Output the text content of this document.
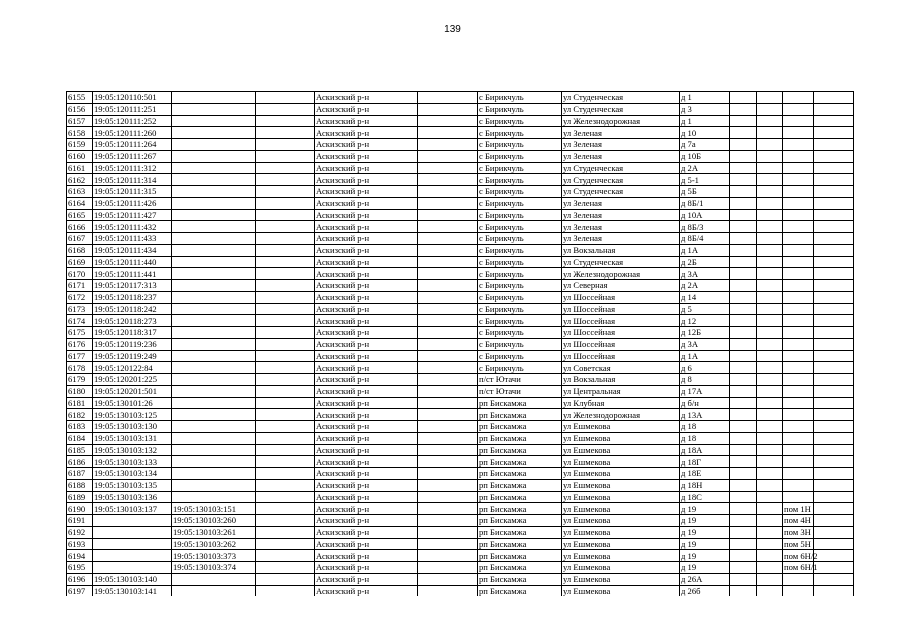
139
6155	19:05:120110:501			Аскизский р-н		с Бирикчуль	ул Студенческая	д 1				
6156	19:05:120111:251			Аскизский р-н		с Бирикчуль	ул Студенческая	д 3				
6157	19:05:120111:252			Аскизский р-н		с Бирикчуль	ул Железнодорожная	д 1				
6158	19:05:120111:260			Аскизский р-н		с Бирикчуль	ул Зеленая	д 10				
6159	19:05:120111:264			Аскизский р-н		с Бирикчуль	ул Зеленая	д 7а				
6160	19:05:120111:267			Аскизский р-н		с Бирикчуль	ул Зеленая	д 10Б				
6161	19:05:120111:312			Аскизский р-н		с Бирикчуль	ул Студенческая	д 2А				
6162	19:05:120111:314			Аскизский р-н		с Бирикчуль	ул Студенческая	д 5-1				
6163	19:05:120111:315			Аскизский р-н		с Бирикчуль	ул Студенческая	д 5Б				
6164	19:05:120111:426			Аскизский р-н		с Бирикчуль	ул Зеленая	д 8Б/1				
6165	19:05:120111:427			Аскизский р-н		с Бирикчуль	ул Зеленая	д 10А				
6166	19:05:120111:432			Аскизский р-н		с Бирикчуль	ул Зеленая	д 8Б/3				
6167	19:05:120111:433			Аскизский р-н		с Бирикчуль	ул Зеленая	д 8Б/4				
6168	19:05:120111:434			Аскизский р-н		с Бирикчуль	ул Вокзальная	д 1А				
6169	19:05:120111:440			Аскизский р-н		с Бирикчуль	ул Студенческая	д 2Б				
6170	19:05:120111:441			Аскизский р-н		с Бирикчуль	ул Железнодорожная	д 3А				
6171	19:05:120117:313			Аскизский р-н		с Бирикчуль	ул Северная	д 2А				
6172	19:05:120118:237			Аскизский р-н		с Бирикчуль	ул Шоссейная	д 14				
6173	19:05:120118:242			Аскизский р-н		с Бирикчуль	ул Шоссейная	д 5				
6174	19:05:120118:273			Аскизский р-н		с Бирикчуль	ул Шоссейная	д 12				
6175	19:05:120118:317			Аскизский р-н		с Бирикчуль	ул Шоссейная	д 12Б				
6176	19:05:120119:236			Аскизский р-н		с Бирикчуль	ул Шоссейная	д 3А				
6177	19:05:120119:249			Аскизский р-н		с Бирикчуль	ул Шоссейная	д 1А				
6178	19:05:120122:84			Аскизский р-н		с Бирикчуль	ул Советская	д 6				
6179	19:05:120201:225			Аскизский р-н		п/ст Ютачи	ул Вокзальная	д 8				
6180	19:05:120201:501			Аскизский р-н		п/ст Ютачи	ул Центральная	д 17А				
6181	19:05:130101:26			Аскизский р-н		рп Бискамжа	ул Клубная	д б/н				
6182	19:05:130103:125			Аскизский р-н		рп Бискамжа	ул Железнодорожная	д 13А				
6183	19:05:130103:130			Аскизский р-н		рп Бискамжа	ул Ешмекова	д 18				
6184	19:05:130103:131			Аскизский р-н		рп Бискамжа	ул Ешмекова	д 18				
6185	19:05:130103:132			Аскизский р-н		рп Бискамжа	ул Ешмекова	д 18А				
6186	19:05:130103:133			Аскизский р-н		рп Бискамжа	ул Ешмекова	д 18Г				
6187	19:05:130103:134			Аскизский р-н		рп Бискамжа	ул Ешмекова	д 18Е				
6188	19:05:130103:135			Аскизский р-н		рп Бискамжа	ул Ешмекова	д 18Н				
6189	19:05:130103:136			Аскизский р-н		рп Бискамжа	ул Ешмекова	д 18С				
6190	19:05:130103:137	19:05:130103:151		Аскизский р-н		рп Бискамжа	ул Ешмекова	д 19			пом 1Н	
6191		19:05:130103:260		Аскизский р-н		рп Бискамжа	ул Ешмекова	д 19			пом 4Н	
6192		19:05:130103:261		Аскизский р-н		рп Бискамжа	ул Ешмекова	д 19			пом 3Н	
6193		19:05:130103:262		Аскизский р-н		рп Бискамжа	ул Ешмекова	д 19			пом 5Н	
6194		19:05:130103:373		Аскизский р-н		рп Бискамжа	ул Ешмекова	д 19			пом 6Н/2	
6195		19:05:130103:374		Аскизский р-н		рп Бискамжа	ул Ешмекова	д 19			пом 6Н/1	
6196	19:05:130103:140			Аскизский р-н		рп Бискамжа	ул Ешмекова	д 26А				
6197	19:05:130103:141			Аскизский р-н		рп Бискамжа	ул Ешмекова	д 26б				
